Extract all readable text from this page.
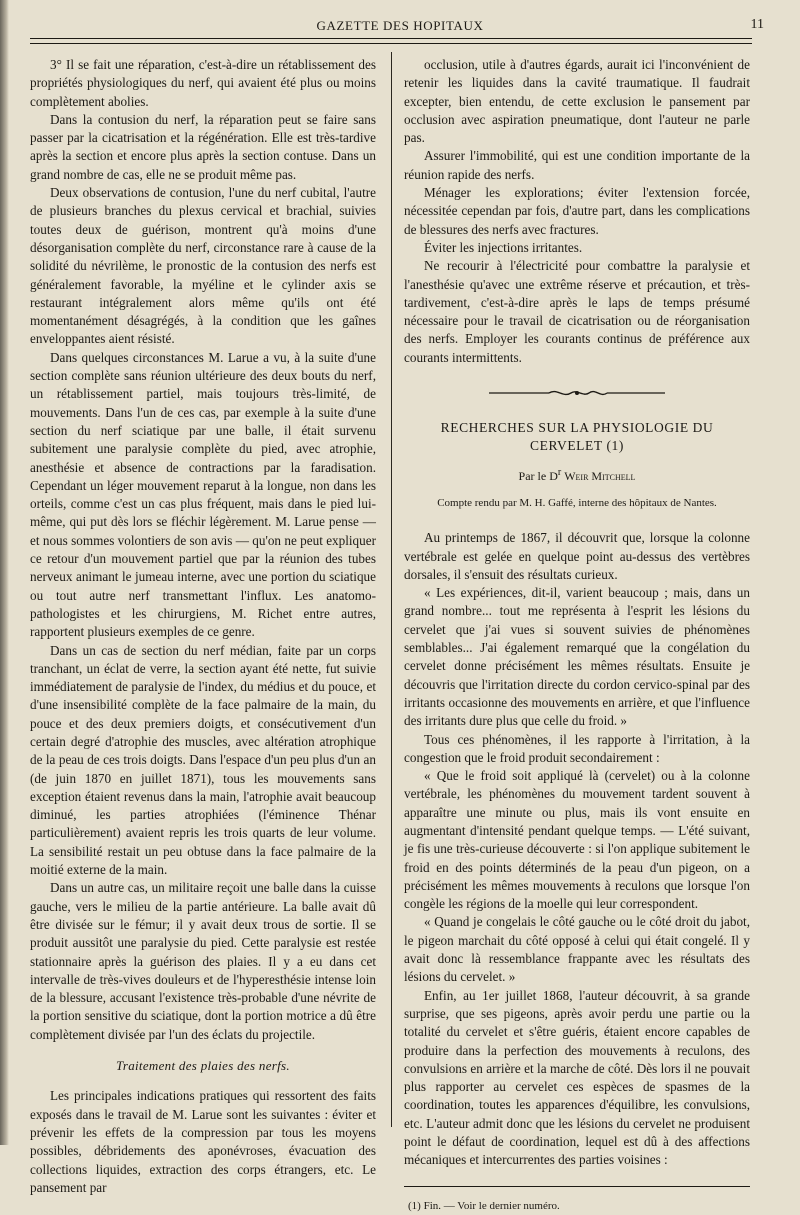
GAZETTE DES HOPITAUX	11

3° Il se fait une réparation, c'est-à-dire un rétablissement des propriétés physiologiques du nerf, qui avaient été plus ou moins complètement abolies.

Dans la contusion du nerf, la réparation peut se faire sans passer par la cicatrisation et la régénération. Elle est très-tardive après la section et encore plus après la section contuse. Dans un grand nombre de cas, elle ne se produit même pas.

Deux observations de contusion, l'une du nerf cubital, l'autre de plusieurs branches du plexus cervical et brachial, suivies toutes deux de guérison, montrent qu'à moins d'une désorganisation complète du nerf, circonstance rare à cause de la solidité du névrilème, le pronostic de la contusion des nerfs est généralement favorable, la myéline et le cylinder axis se restaurant intégralement alors même qu'ils ont été momentanément désagrégés, à la condition que les gaînes enveloppantes aient résisté.

Dans quelques circonstances M. Larue a vu, à la suite d'une section complète sans réunion ultérieure des deux bouts du nerf, un rétablissement partiel, mais toujours très-limité, de mouvements. Dans l'un de ces cas, par exemple à la suite d'une section du nerf sciatique par une balle, il était survenu subitement une paralysie complète du pied, avec atrophie, anesthésie et absence de contractions par la faradisation. Cependant un léger mouvement reparut à la longue, non dans les orteils, comme c'est un cas plus fréquent, mais dans le pied lui-même, qui put dès lors se fléchir légèrement. M. Larue pense — et nous sommes volontiers de son avis — qu'on ne peut expliquer ce retour d'un mouvement partiel que par la réunion des tubes nerveux animant le jumeau interne, avec une portion du sciatique ou tout autre nerf transmettant l'influx. Les anatomo-pathologistes et les chirurgiens, M. Richet entre autres, rapportent plusieurs exemples de ce genre.

Dans un cas de section du nerf médian, faite par un corps tranchant, un éclat de verre, la section ayant été nette, fut suivie immédiatement de paralysie de l'index, du médius et du pouce, et d'une insensibilité complète de la face palmaire de la main, du pouce et des deux premiers doigts, et consécutivement d'un certain degré d'atrophie des muscles, avec altération atrophique de la peau de ces trois doigts. Dans l'espace d'un peu plus d'un an (de juin 1870 en juillet 1871), tous les mouvements sans exception étaient revenus dans la main, l'atrophie avait beaucoup diminué, les parties atrophiées (l'éminence Thénar particulièrement) avaient repris les trois quarts de leur volume. La sensibilité restait un peu obtuse dans la face palmaire de la moitié externe de la main.

Dans un autre cas, un militaire reçoit une balle dans la cuisse gauche, vers le milieu de la partie antérieure. La balle avait dû être divisée sur le fémur; il y avait deux trous de sortie. Il se produit aussitôt une paralysie du pied. Cette paralysie est restée stationnaire après la guérison des plaies. Il y a eu dans cet intervalle de très-vives douleurs et de l'hyperesthésie intense loin de la blessure, accusant l'existence très-probable d'une névrite de la portion sensitive du sciatique, dont la portion motrice a dû être complètement divisée par l'un des éclats du projectile.

Traitement des plaies des nerfs.

Les principales indications pratiques qui ressortent des faits exposés dans le travail de M. Larue sont les suivantes : éviter et prévenir les effets de la compression par tous les moyens possibles, débridements des aponévroses, évacuation des collections liquides, extraction des corps étrangers, etc. Le pansement par

occlusion, utile à d'autres égards, aurait ici l'inconvénient de retenir les liquides dans la cavité traumatique. Il faudrait excepter, bien entendu, de cette exclusion le pansement par occlusion avec aspiration pneumatique, dont l'auteur ne parle pas.

Assurer l'immobilité, qui est une condition importante de la réunion rapide des nerfs.

Ménager les explorations; éviter l'extension forcée, nécessitée cependan par fois, d'autre part, dans les complications de blessures des nerfs avec fractures.

Éviter les injections irritantes.

Ne recourir à l'électricité pour combattre la paralysie et l'anesthésie qu'avec une extrême réserve et précaution, et très-tardivement, c'est-à-dire après le laps de temps présumé nécessaire pour le travail de cicatrisation ou de réorganisation des nerfs. Employer les courants continus de préférence aux courants intermittents.

RECHERCHES SUR LA PHYSIOLOGIE DU CERVELET (1)
Par le $D^r$ Weir Mitchell
Compte rendu par M. H. Gaffé, interne des hôpitaux de Nantes.

Au printemps de 1867, il découvrit que, lorsque la colonne vertébrale est gelée en quelque point au-dessus des vertèbres dorsales, il s'ensuit des résultats curieux.

« Les expériences, dit-il, varient beaucoup ; mais, dans un grand nombre... tout me représenta à l'esprit les lésions du cervelet que j'ai vues si souvent suivies de phénomènes semblables... J'ai également remarqué que la congélation du cervelet donne précisément les mêmes résultats. Ensuite je découvris que l'irritation directe du cordon cervico-spinal par des irritants occasionne des mouvements en arrière, et que l'influence des irritants dure plus que celle du froid. »

Tous ces phénomènes, il les rapporte à l'irritation, à la congestion que le froid produit secondairement :

« Que le froid soit appliqué là (cervelet) ou à la colonne vertébrale, les phénomènes du mouvement tardent souvent à apparaître une minute ou plus, mais ils vont ensuite en augmentant d'intensité pendant quelque temps. — L'été suivant, je fis une très-curieuse découverte : si l'on applique subitement le froid en des points déterminés de la peau d'un pigeon, on a précisément les mêmes mouvements à reculons que lorsque l'on congèle les régions de la moelle qui leur correspondent.

« Quand je congelais le côté gauche ou le côté droit du jabot, le pigeon marchait du côté opposé à celui qui était congelé. Il y avait donc là ressemblance frappante avec les résultats des lésions du cervelet. »

Enfin, au 1er juillet 1868, l'auteur découvrit, à sa grande surprise, que ses pigeons, après avoir perdu une partie ou la totalité du cervelet et s'être guéris, étaient encore capables de produire dans la perfection des mouvements à reculons, des convulsions en arrière et la marche de côté. Dès lors il ne pouvait plus rapporter au cervelet ces espèces de spasmes de la coordination, toutes les apparences d'équilibre, les convulsions, etc. L'auteur admit donc que les lésions du cervelet ne produisent point le défaut de coordination, lequel est dû à des affections mécaniques et intercurrentes des parties voisines :

(1) Fin. — Voir le dernier numéro.
